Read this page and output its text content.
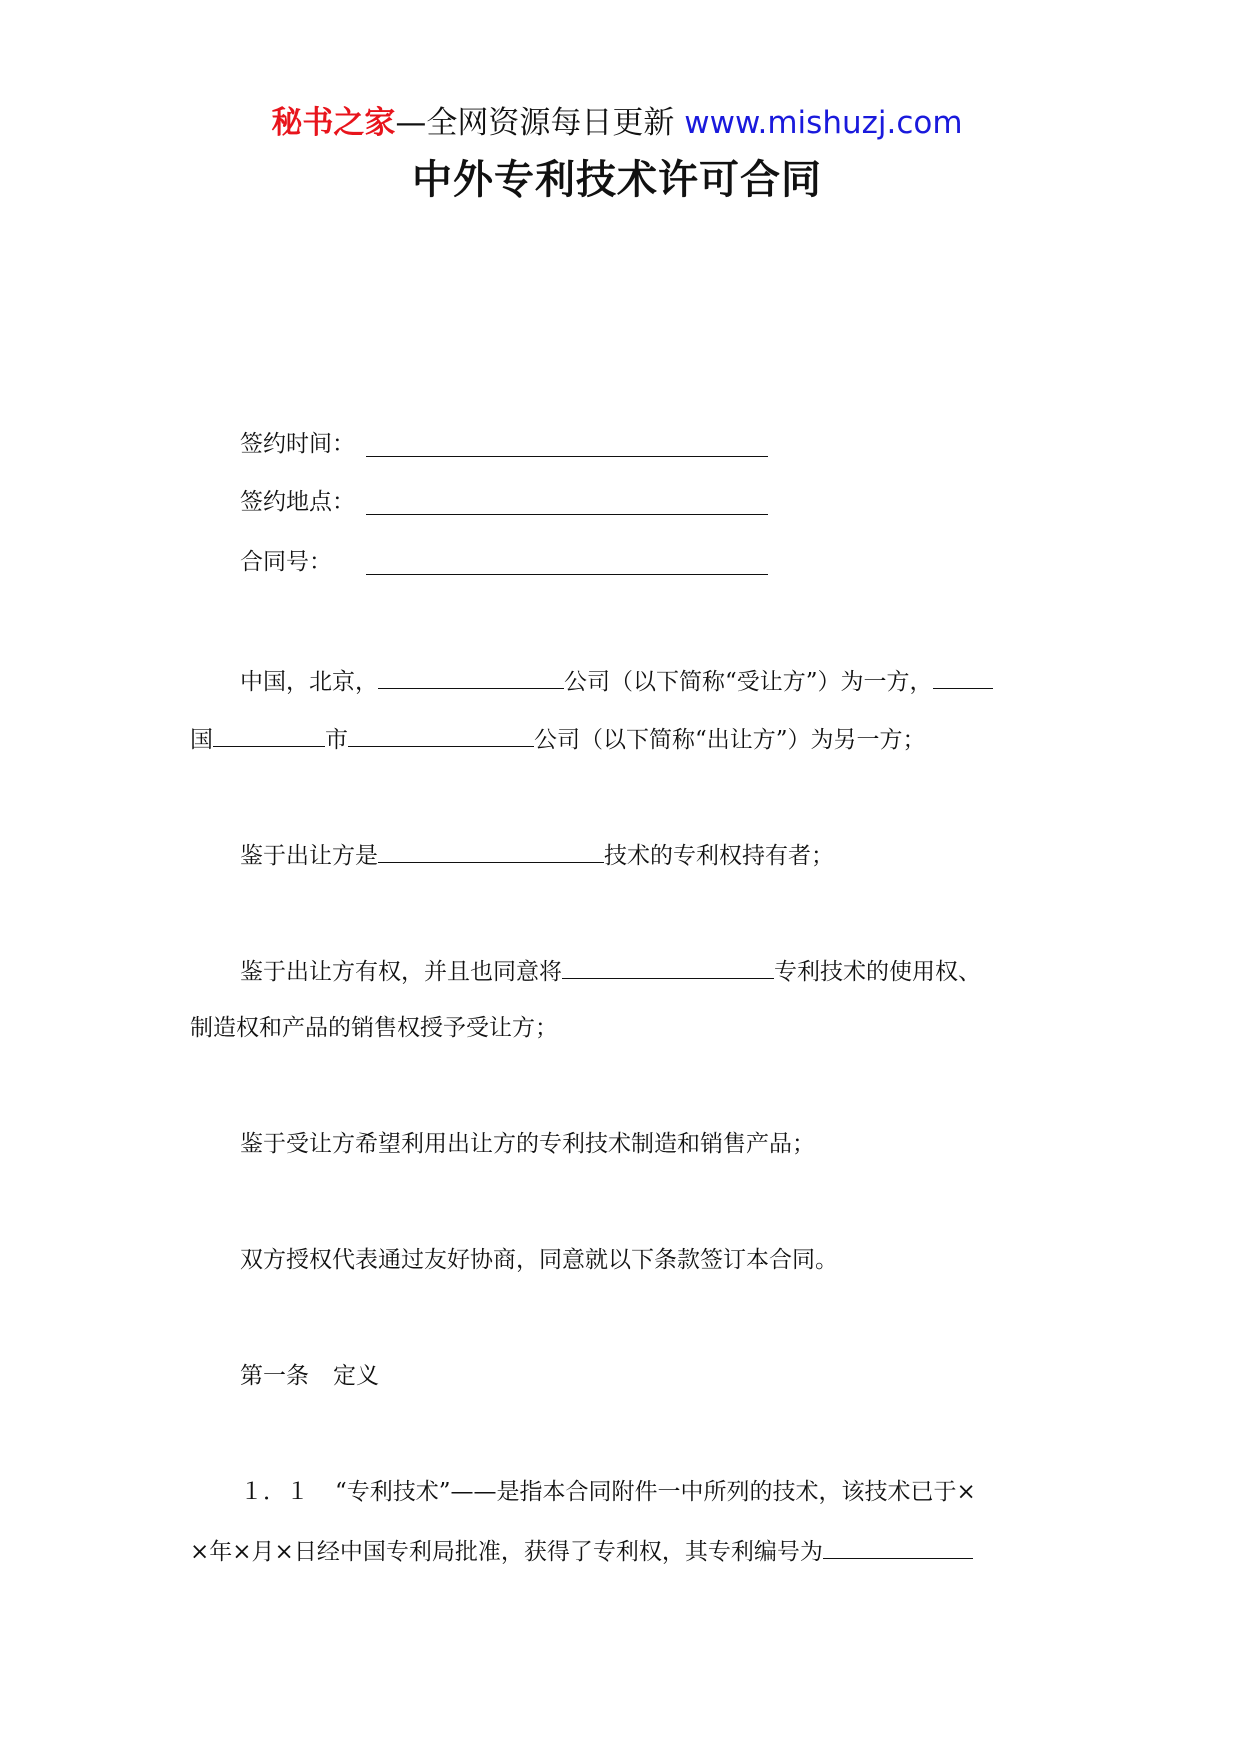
秘书之家—全网资源每日更新 www.mishuzj.com
中外专利技术许可合同
签约时间：
签约地点：
合同号：
中国，北京，	公司（以下简称“受让方”）为一方，
国	市	公司（以下简称“出让方”）为另一方；
鉴于出让方是	技术的专利权持有者；
鉴于出让方有权，并且也同意将	专利技术的使用权、
制造权和产品的销售权授予受让方；
鉴于受让方希望利用出让方的专利技术制造和销售产品；
双方授权代表通过友好协商，同意就以下条款签订本合同。
第一条 定义
１．１ “专利技术”——是指本合同附件一中所列的技术，该技术已于×
×年×月×日经中国专利局批准，获得了专利权，其专利编号为
